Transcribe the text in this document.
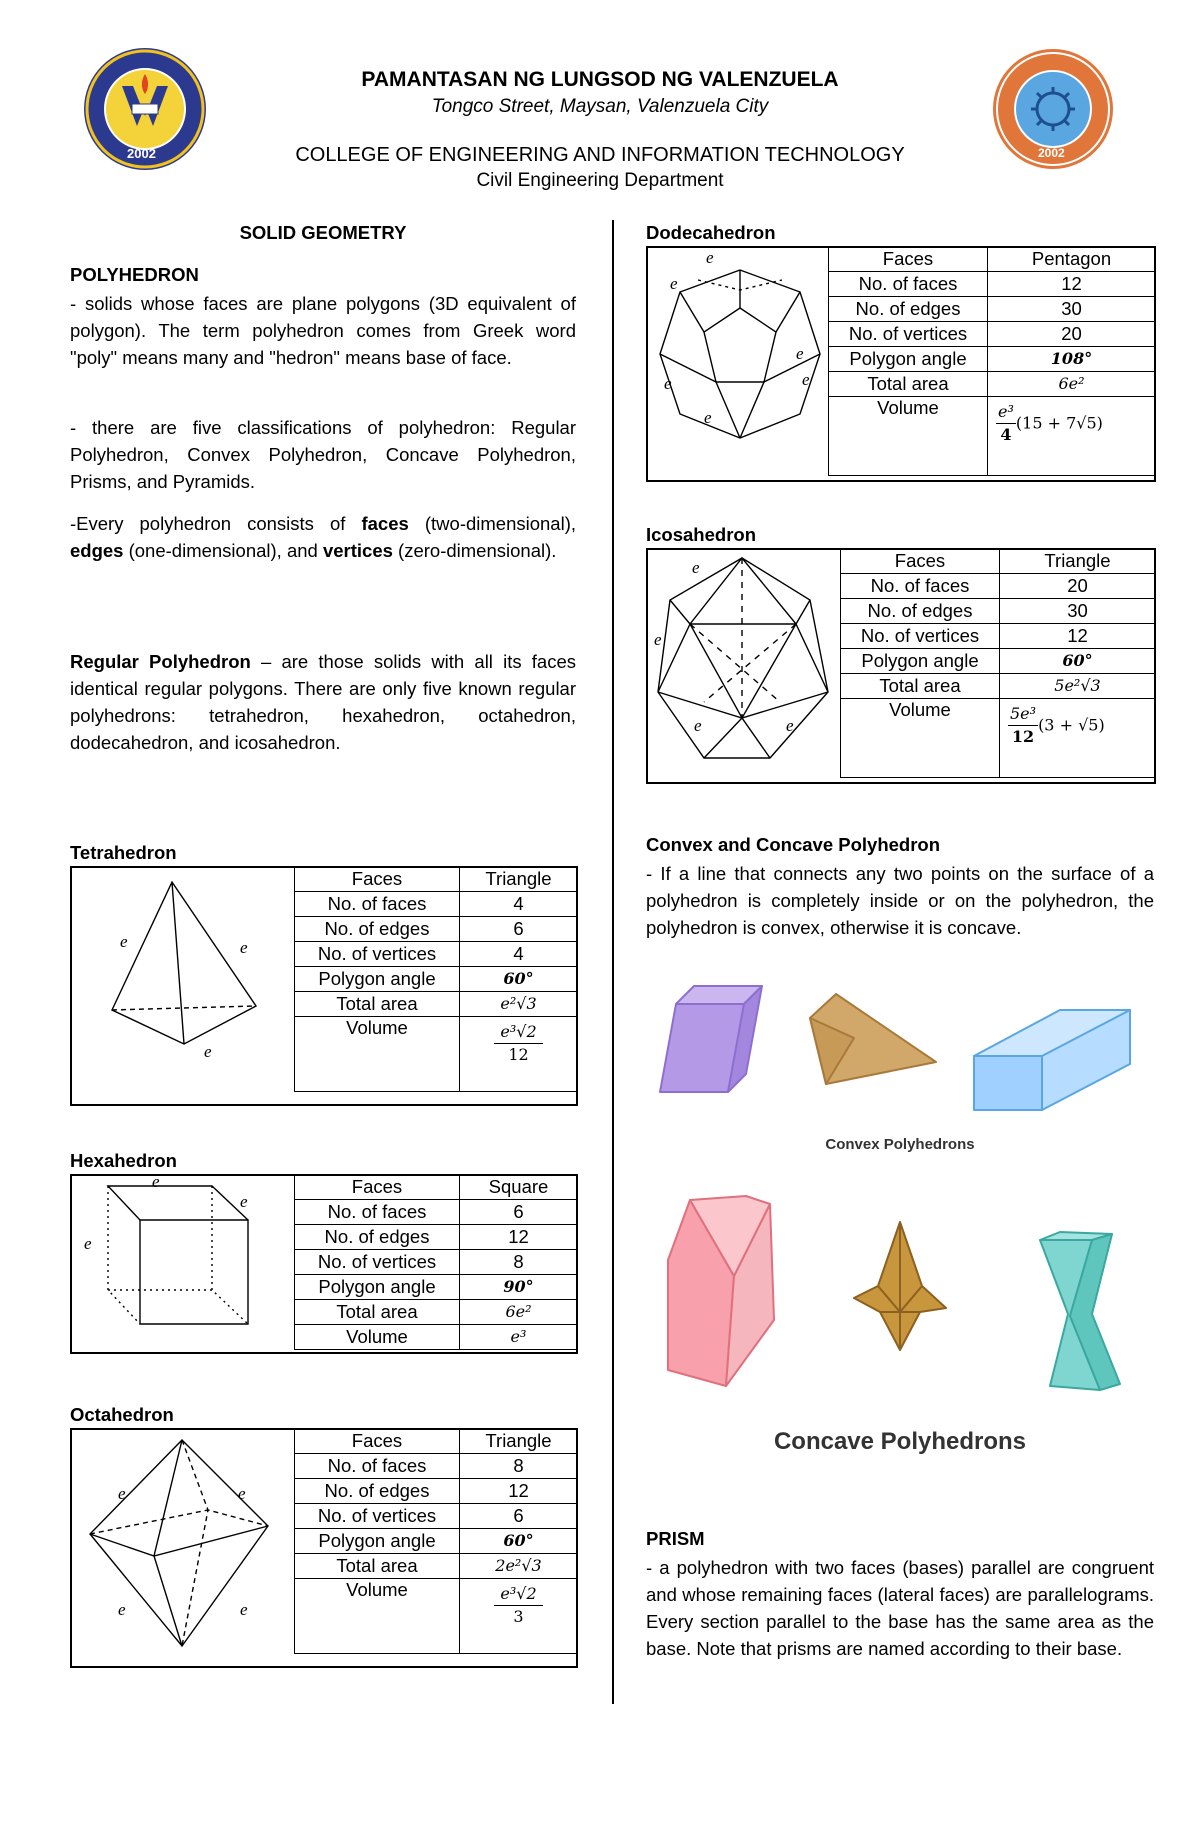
2002	2002
PAMANTASAN NG LUNGSOD NG VALENZUELA
Tongco Street, Maysan, Valenzuela City
COLLEGE OF ENGINEERING AND INFORMATION TECHNOLOGY
Civil Engineering Department
SOLID GEOMETRY
POLYHEDRON
- solids whose faces are plane polygons (3D equivalent of polygon). The term polyhedron comes from Greek word "poly" means many and "hedron" means base of face.
- there are five classifications of polyhedron: Regular Polyhedron, Convex Polyhedron, Concave Polyhedron, Prisms, and Pyramids.
-Every polyhedron consists of faces (two-dimensional), edges (one-dimensional), and vertices (zero-dimensional).
Regular Polyhedron – are those solids with all its faces identical regular polygons. There are only five known regular polyhedrons: tetrahedron, hexahedron, octahedron, dodecahedron, and icosahedron.
Tetrahedron
e	e
e
Faces	Triangle
No. of faces	4
No. of edges	6
No. of vertices	4
Polygon angle	60°
Total area	e²√3
Volume	e³√2
12
Hexahedron
e
e
e
Faces	Square
No. of faces	6
No. of edges	12
No. of vertices	8
Polygon angle	90°
Total area	6e²
Volume	e³
Octahedron
e	e
e	e
Faces	Triangle
No. of faces	8
No. of edges	12
No. of vertices	6
Polygon angle	60°
Total area	2e²√3
Volume	e³√2
3
Dodecahedron
e
e
e
e
e
e
Faces	Pentagon
No. of faces	12
No. of edges	30
No. of vertices	20
Polygon angle	108°
Total area	6e²
Volume	$\frac{\text{e³}}{4} (15 + 7√5)$
Icosahedron
e
e
e	e
Faces	Triangle
No. of faces	20
No. of edges	30
No. of vertices	12
Polygon angle	60°
Total area	5e²√3
Volume	$\frac{\text{5e³}}{12} (3 + √5)$
Convex and Concave Polyhedron
- If a line that connects any two points on the surface of a polyhedron is completely inside or on the polyhedron, the polyhedron is convex, otherwise it is concave.
Convex Polyhedrons
Concave Polyhedrons
PRISM
- a polyhedron with two faces (bases) parallel are congruent and whose remaining faces (lateral faces) are parallelograms. Every section parallel to the base has the same area as the base. Note that prisms are named according to their base.
